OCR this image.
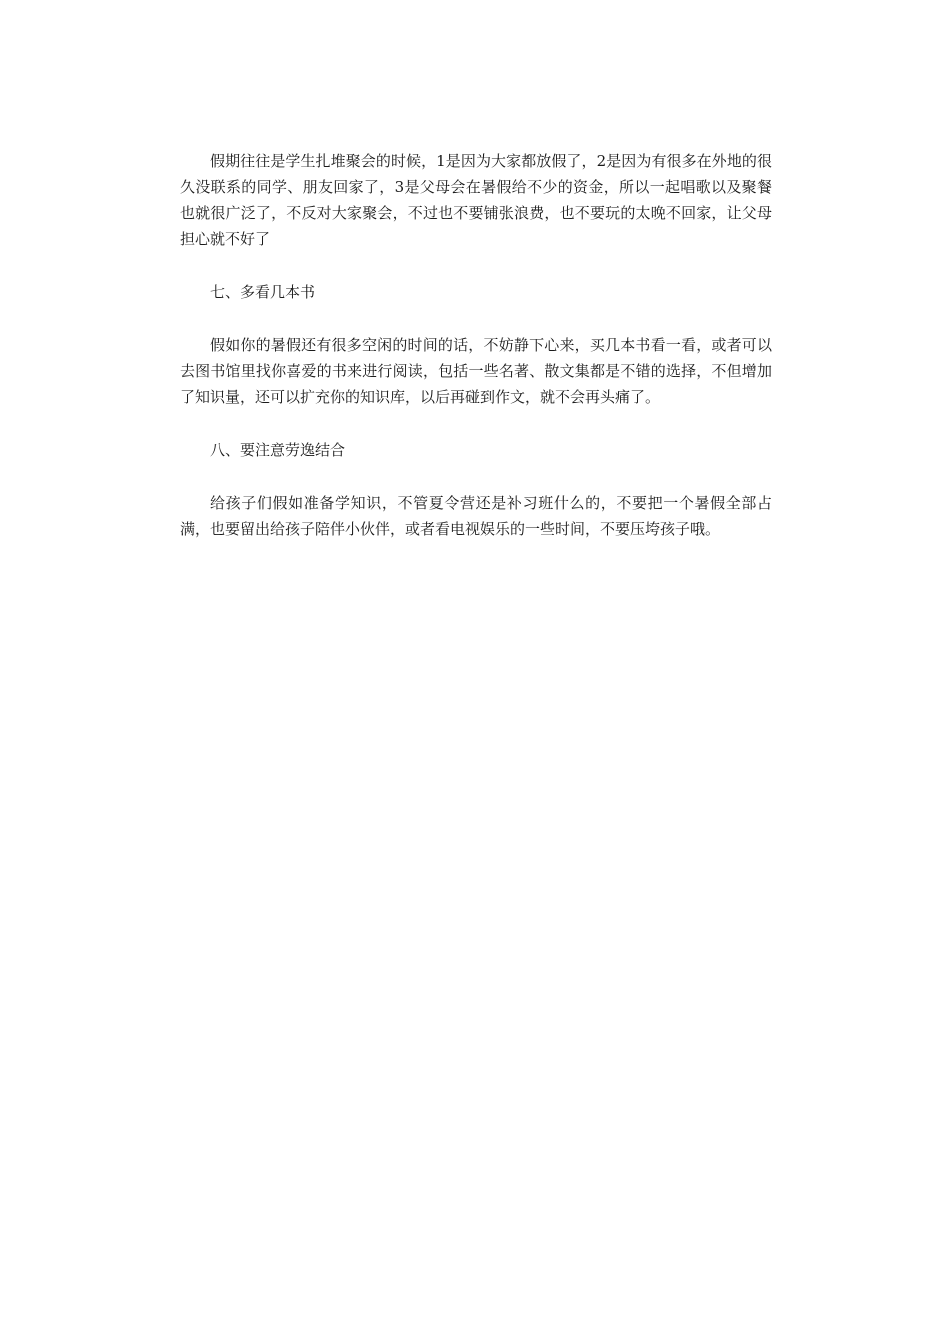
假期往往是学生扎堆聚会的时候，1是因为大家都放假了，2是因为有很多在外地的很久没联系的同学、朋友回家了，3是父母会在暑假给不少的资金，所以一起唱歌以及聚餐也就很广泛了，不反对大家聚会，不过也不要铺张浪费，也不要玩的太晚不回家，让父母担心就不好了

七、多看几本书

假如你的暑假还有很多空闲的时间的话，不妨静下心来，买几本书看一看，或者可以去图书馆里找你喜爱的书来进行阅读，包括一些名著、散文集都是不错的选择，不但增加了知识量，还可以扩充你的知识库，以后再碰到作文，就不会再头痛了。

八、要注意劳逸结合

给孩子们假如准备学知识，不管夏令营还是补习班什么的，不要把一个暑假全部占满，也要留出给孩子陪伴小伙伴，或者看电视娱乐的一些时间，不要压垮孩子哦。
